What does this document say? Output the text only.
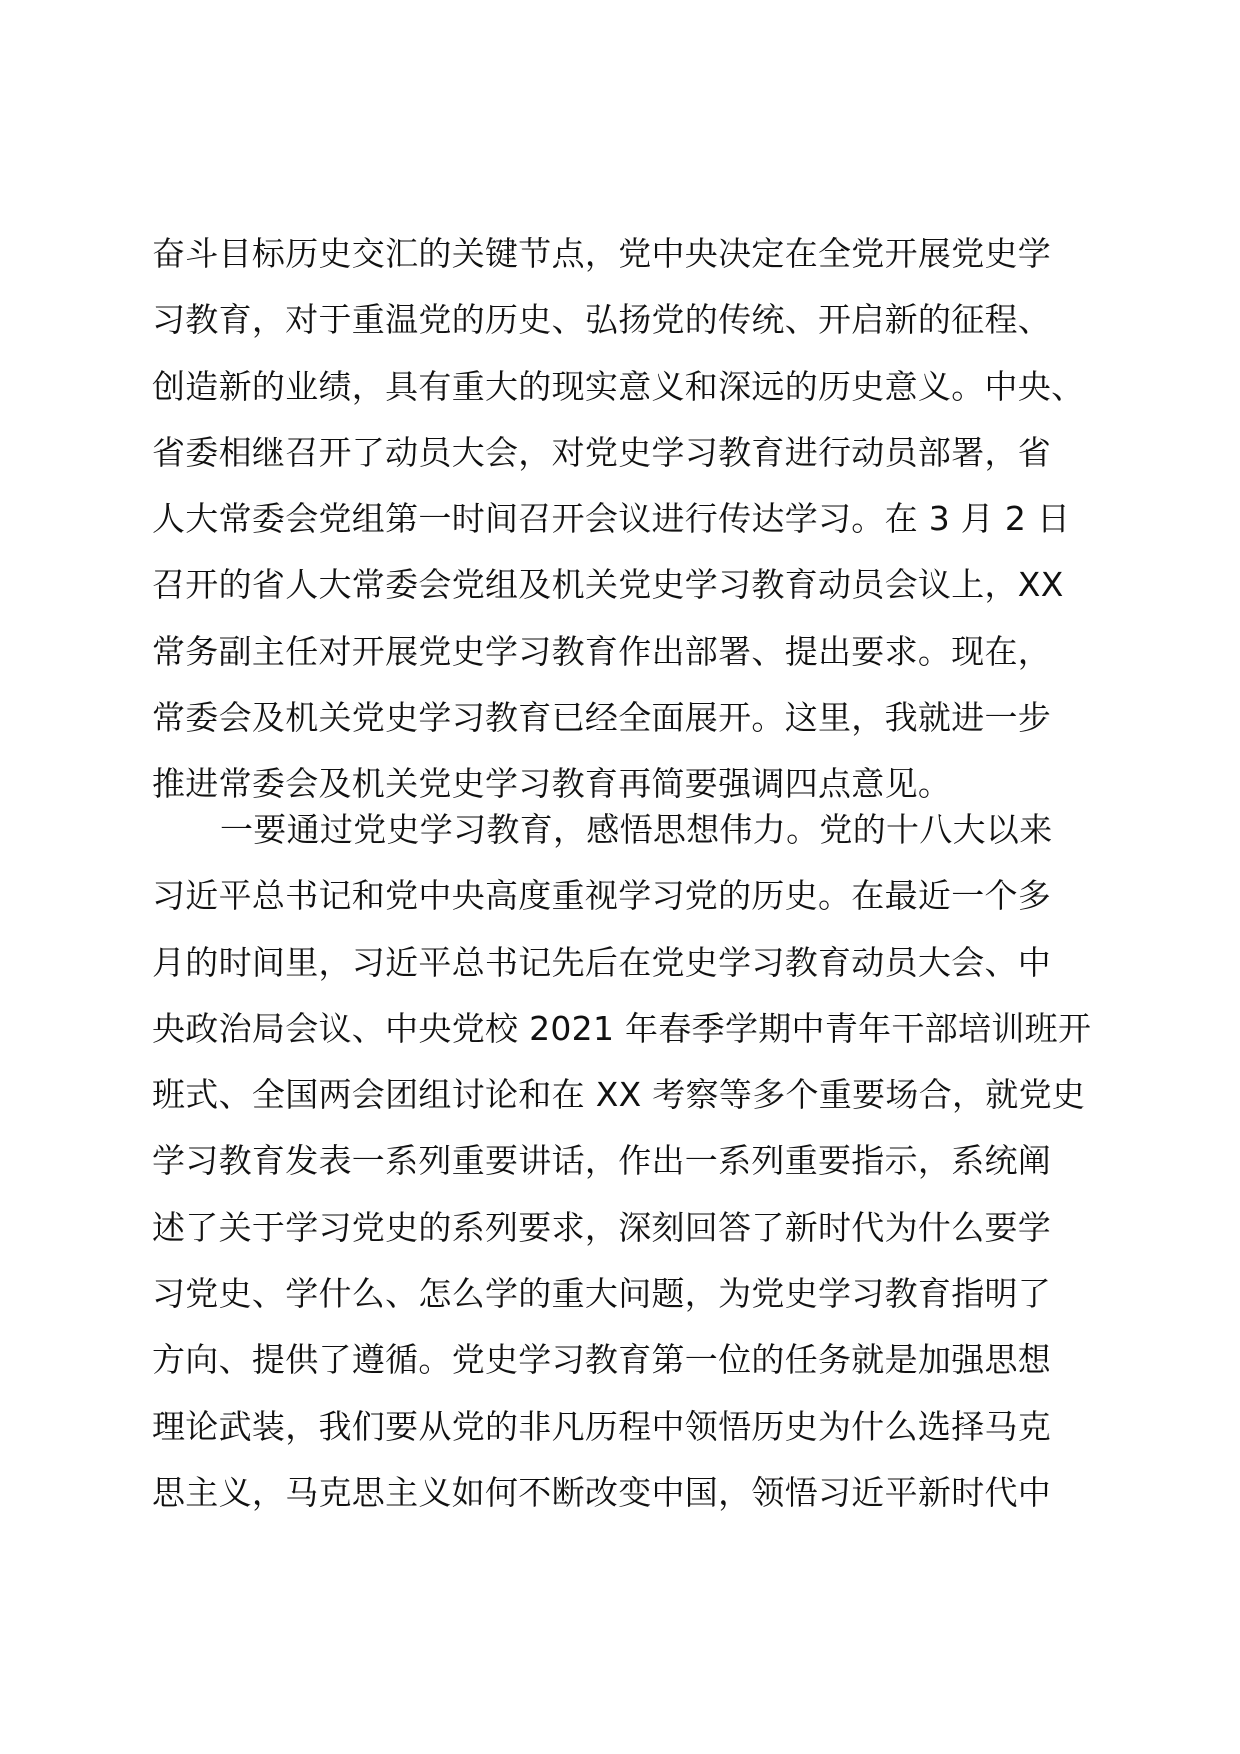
奋斗目标历史交汇的关键节点，党中央决定在全党开展党史学
习教育，对于重温党的历史、弘扬党的传统、开启新的征程、
创造新的业绩，具有重大的现实意义和深远的历史意义。中央、
省委相继召开了动员大会，对党史学习教育进行动员部署，省
人大常委会党组第一时间召开会议进行传达学习。在 3 月 2 日
召开的省人大常委会党组及机关党史学习教育动员会议上，XX
常务副主任对开展党史学习教育作出部署、提出要求。现在，
常委会及机关党史学习教育已经全面展开。这里，我就进一步
推进常委会及机关党史学习教育再简要强调四点意见。
一要通过党史学习教育，感悟思想伟力。党的十八大以来
习近平总书记和党中央高度重视学习党的历史。在最近一个多
月的时间里，习近平总书记先后在党史学习教育动员大会、中
央政治局会议、中央党校 2021 年春季学期中青年干部培训班开
班式、全国两会团组讨论和在 XX 考察等多个重要场合，就党史
学习教育发表一系列重要讲话，作出一系列重要指示，系统阐
述了关于学习党史的系列要求，深刻回答了新时代为什么要学
习党史、学什么、怎么学的重大问题，为党史学习教育指明了
方向、提供了遵循。党史学习教育第一位的任务就是加强思想
理论武装，我们要从党的非凡历程中领悟历史为什么选择马克
思主义，马克思主义如何不断改变中国，领悟习近平新时代中
